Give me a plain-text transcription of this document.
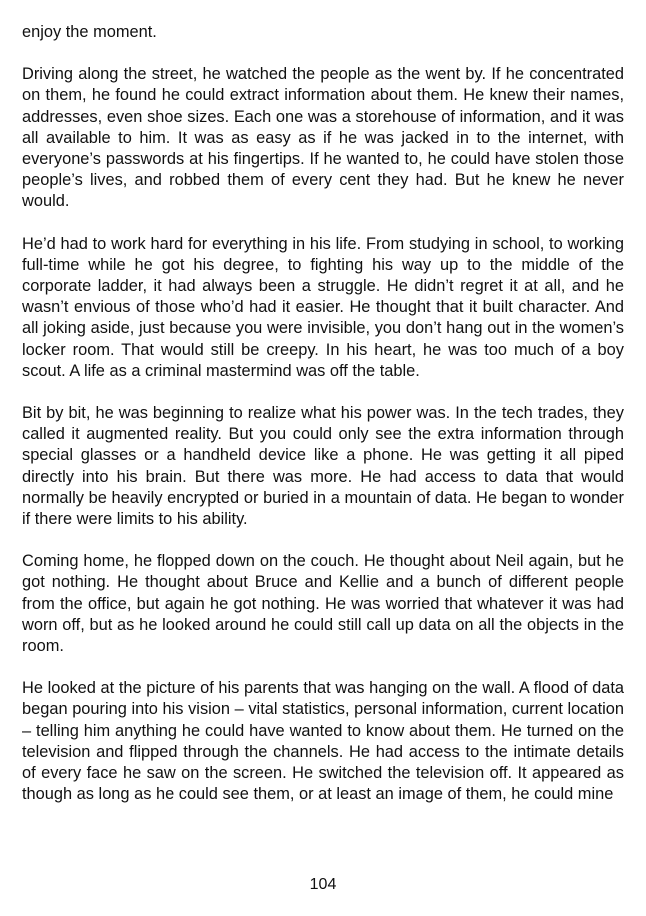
enjoy the moment.

Driving along the street, he watched the people as the went by. If he concentrated on them, he found he could extract information about them. He knew their names, addresses, even shoe sizes. Each one was a storehouse of information, and it was all available to him. It was as easy as if he was jacked in to the internet, with everyone’s passwords at his fingertips. If he wanted to, he could have stolen those people’s lives, and robbed them of every cent they had. But he knew he never would.

He’d had to work hard for everything in his life. From studying in school, to working full-time while he got his degree, to fighting his way up to the middle of the corporate ladder, it had always been a struggle. He didn’t regret it at all, and he wasn’t envious of those who’d had it easier. He thought that it built character. And all joking aside, just because you were invisible, you don’t hang out in the women’s locker room. That would still be creepy. In his heart, he was too much of a boy scout. A life as a criminal mastermind was off the table.

Bit by bit, he was beginning to realize what his power was. In the tech trades, they called it augmented reality. But you could only see the extra information through special glasses or a handheld device like a phone. He was getting it all piped directly into his brain. But there was more. He had access to data that would normally be heavily encrypted or buried in a mountain of data. He began to wonder if there were limits to his ability.

Coming home, he flopped down on the couch. He thought about Neil again, but he got nothing. He thought about Bruce and Kellie and a bunch of different people from the office, but again he got nothing. He was worried that whatever it was had worn off, but as he looked around he could still call up data on all the objects in the room.

He looked at the picture of his parents that was hanging on the wall. A flood of data began pouring into his vision – vital statistics, personal information, current location – telling him anything he could have wanted to know about them. He turned on the television and flipped through the channels. He had access to the intimate details of every face he saw on the screen. He switched the television off. It appeared as though as long as he could see them, or at least an image of them, he could mine

104
